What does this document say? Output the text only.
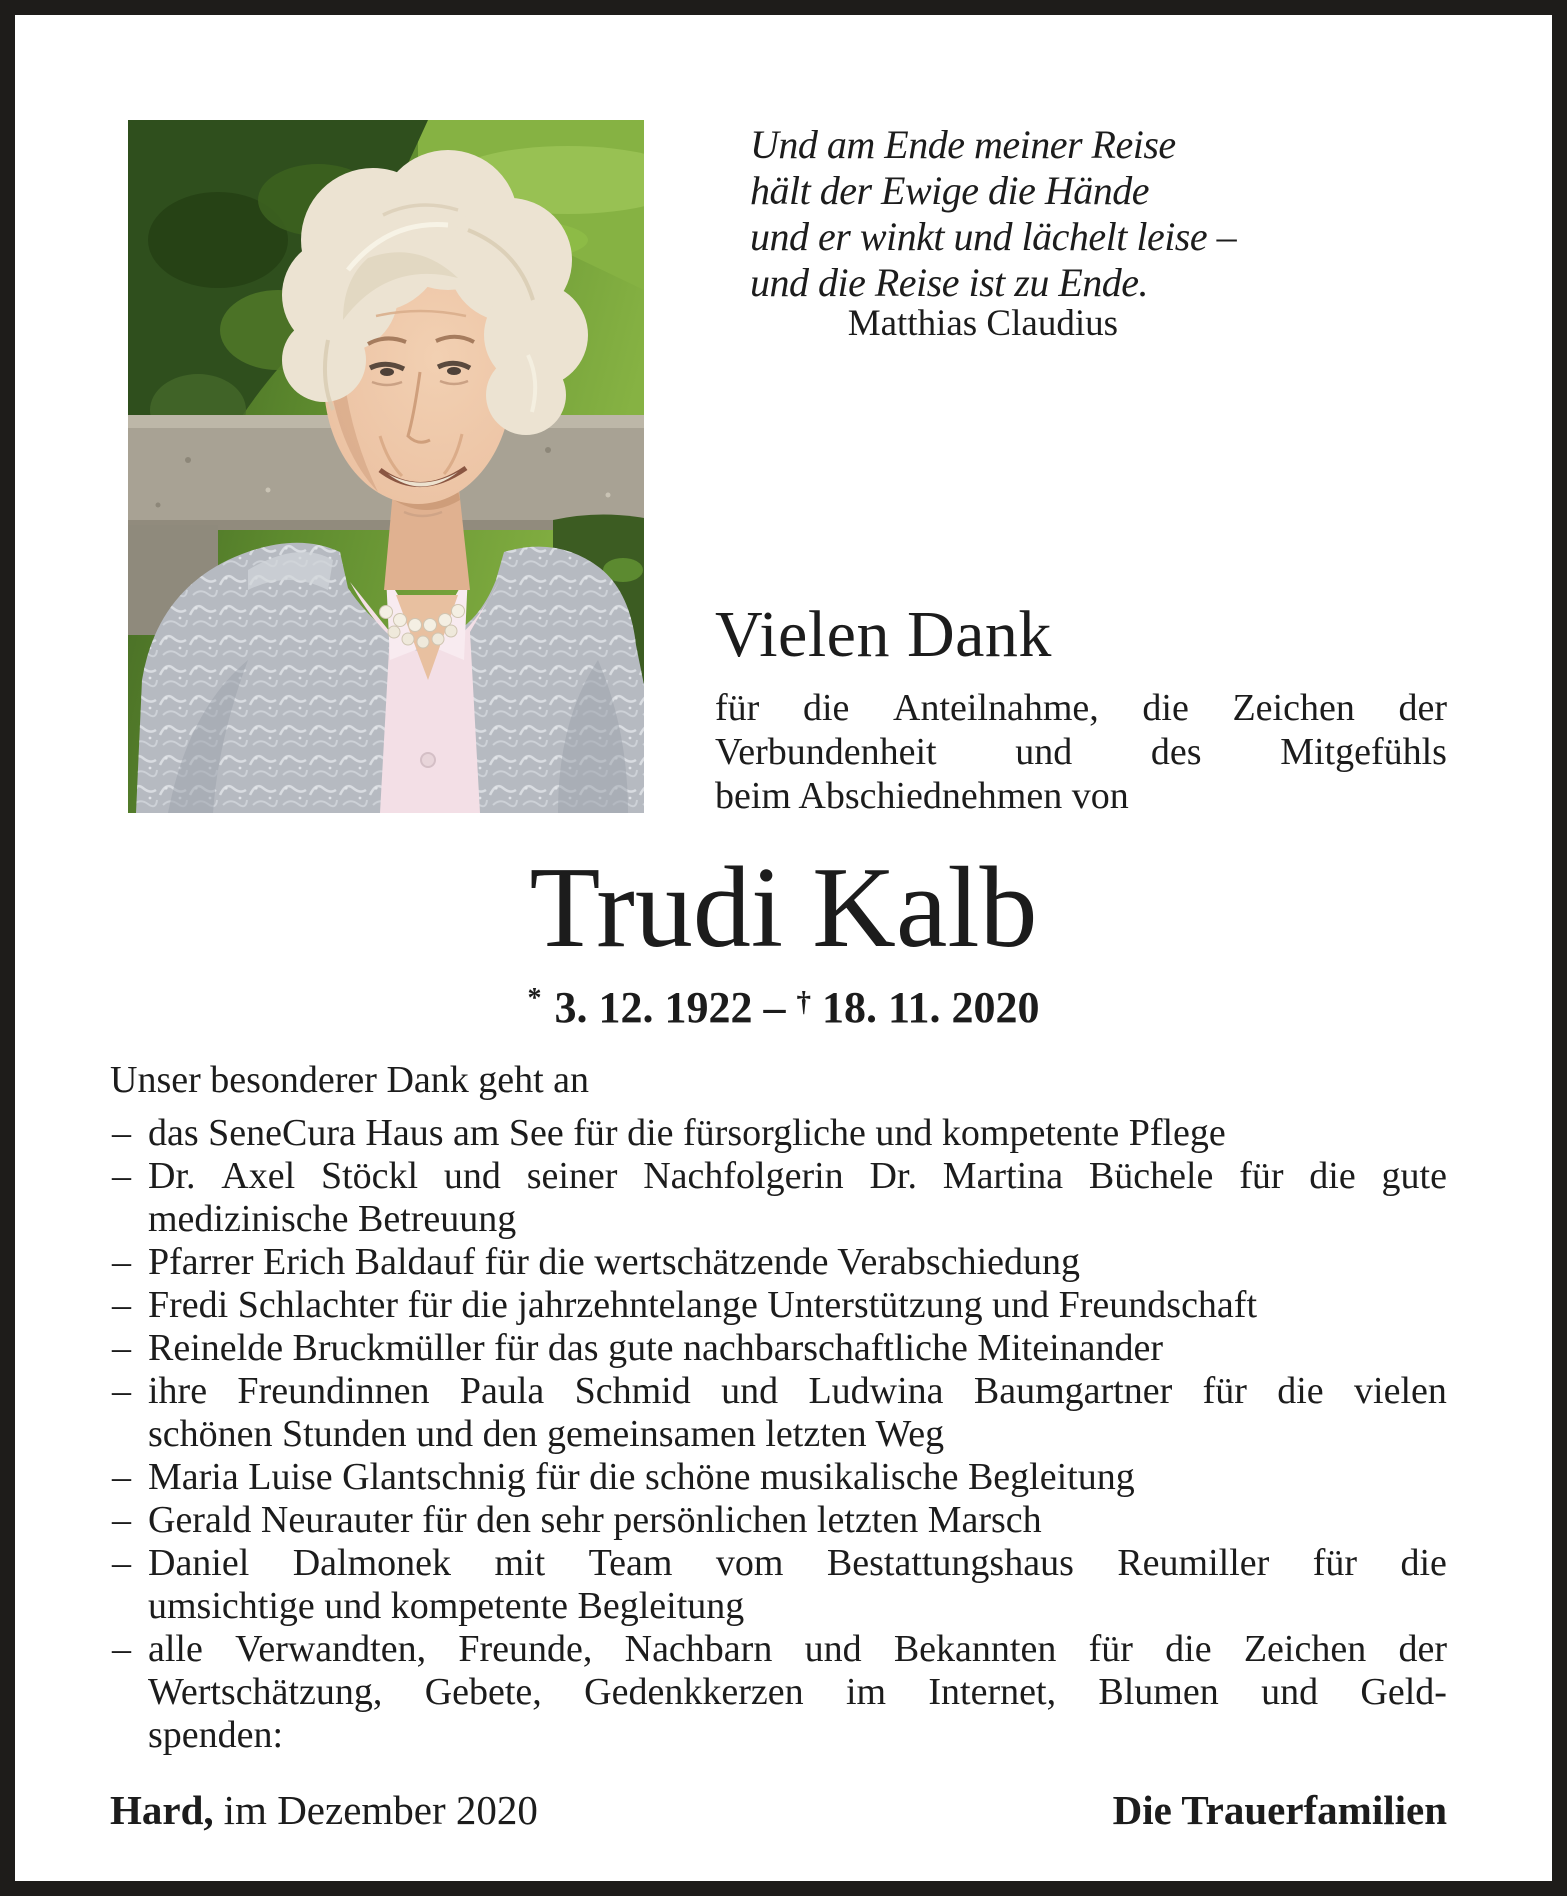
Und am Ende meiner Reise
hält der Ewige die Hände
und er winkt und lächelt leise –
und die Reise ist zu Ende.
Matthias Claudius
Vielen Dank
für die Anteilnahme, die Zeichen der
Verbundenheit und des Mitgefühls
beim Abschiednehmen von
Trudi Kalb
* 3. 12. 1922 – † 18. 11. 2020
Unser besonderer Dank geht an
– das SeneCura Haus am See für die fürsorgliche und kompetente Pflege
– Dr. Axel Stöckl und seiner Nachfolgerin Dr. Martina Büchele für die gute
medizinische Betreuung
– Pfarrer Erich Baldauf für die wertschätzende Verabschiedung
– Fredi Schlachter für die jahrzehntelange Unterstützung und Freundschaft
– Reinelde Bruckmüller für das gute nachbarschaftliche Miteinander
– ihre Freundinnen Paula Schmid und Ludwina Baumgartner für die vielen
schönen Stunden und den gemeinsamen letzten Weg
– Maria Luise Glantschnig für die schöne musikalische Begleitung
– Gerald Neurauter für den sehr persönlichen letzten Marsch
– Daniel Dalmonek mit Team vom Bestattungshaus Reumiller für die
umsichtige und kompetente Begleitung
– alle Verwandten, Freunde, Nachbarn und Bekannten für die Zeichen der
Wertschätzung, Gebete, Gedenkkerzen im Internet, Blumen und Geld-
spenden:
Hard, im Dezember 2020	Die Trauerfamilien
